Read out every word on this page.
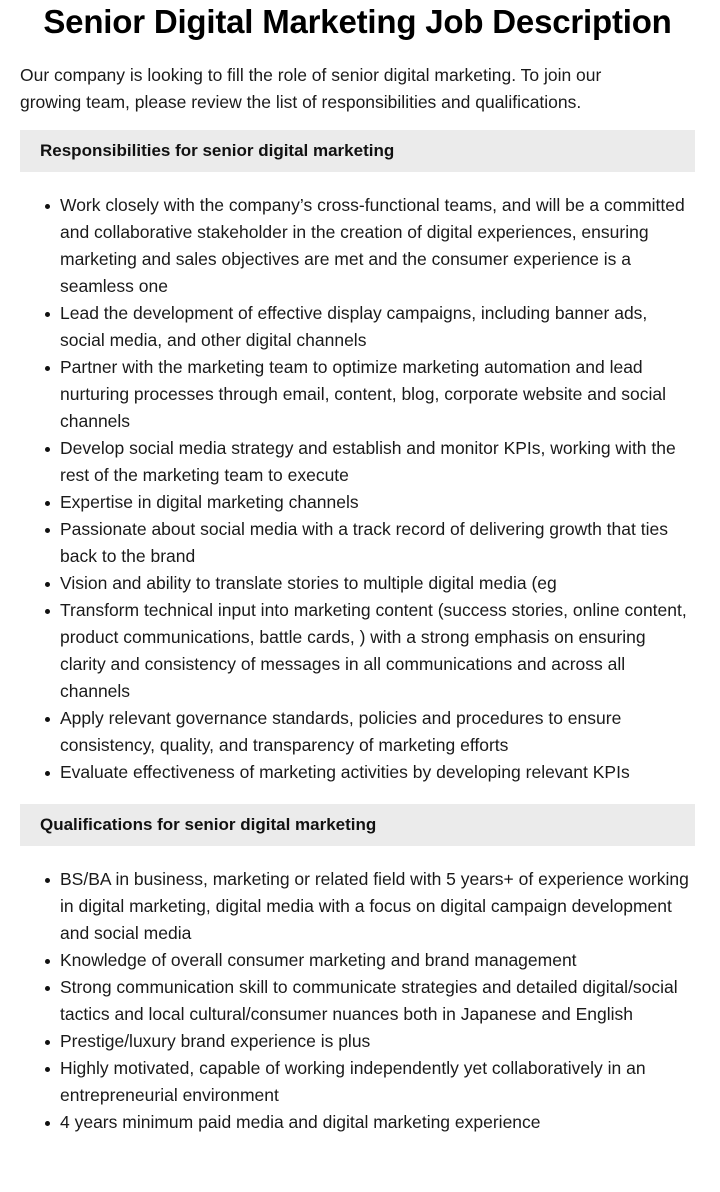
Senior Digital Marketing Job Description

Our company is looking to fill the role of senior digital marketing. To join our growing team, please review the list of responsibilities and qualifications.

Responsibilities for senior digital marketing
Work closely with the company’s cross-functional teams, and will be a committed and collaborative stakeholder in the creation of digital experiences, ensuring marketing and sales objectives are met and the consumer experience is a seamless one
Lead the development of effective display campaigns, including banner ads, social media, and other digital channels
Partner with the marketing team to optimize marketing automation and lead nurturing processes through email, content, blog, corporate website and social channels
Develop social media strategy and establish and monitor KPIs, working with the rest of the marketing team to execute
Expertise in digital marketing channels
Passionate about social media with a track record of delivering growth that ties back to the brand
Vision and ability to translate stories to multiple digital media (eg
Transform technical input into marketing content (success stories, online content, product communications, battle cards, ) with a strong emphasis on ensuring clarity and consistency of messages in all communications and across all channels
Apply relevant governance standards, policies and procedures to ensure consistency, quality, and transparency of marketing efforts
Evaluate effectiveness of marketing activities by developing relevant KPIs
Qualifications for senior digital marketing
BS/BA in business, marketing or related field with 5 years+ of experience working in digital marketing, digital media with a focus on digital campaign development and social media
Knowledge of overall consumer marketing and brand management
Strong communication skill to communicate strategies and detailed digital/social tactics and local cultural/consumer nuances both in Japanese and English
Prestige/luxury brand experience is plus
Highly motivated, capable of working independently yet collaboratively in an entrepreneurial environment
4 years minimum paid media and digital marketing experience
